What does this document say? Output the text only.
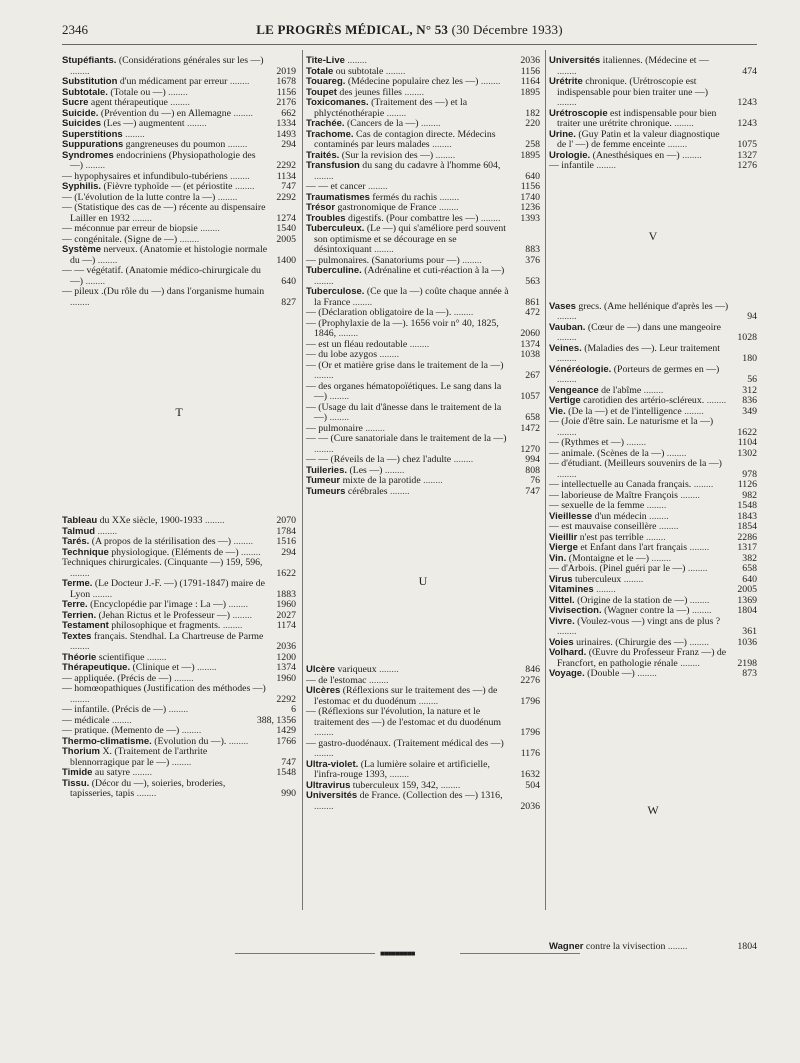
2346	LE PROGRÈS MÉDICAL, N° 53 (30 Décembre 1933)
Stupéfiants. (Considérations générales sur les —) ........	2019
Substitution d'un médicament par erreur ........	1678
Subtotale. (Totale ou —) ........	1156
Sucre agent thérapeutique ........	2176
Suicide. (Prévention du —) en Allemagne ........	662
Suicides (Les —) augmentent ........	1334
Superstitions ........	1493
Suppurations gangreneuses du poumon ........	294
Syndromes endocriniens (Physiopathologie des —) ........	2292
— hypophysaires et infundibulo-tubériens ........	1134
Syphilis. (Fièvre typhoïde — (et périostite ........	747
— (L'évolution de la lutte contre la —) ........	2292
— (Statistique des cas de —) récente au dispensaire Lailler en 1932 ........	1274
— méconnue par erreur de biopsie ........	1540
— congénitale. (Signe de —) ........	2005
Système nerveux. (Anatomie et histologie normale du —) ........	1400
— — végétatif. (Anatomie médico-chirurgicale du —) ........	640
— pileux .(Du rôle du —) dans l'organisme humain ........	827
T
Tableau du XXe siècle, 1900-1933 ........	2070
Talmud ........	1784
Tarés. (A propos de la stérilisation des —) ........ 1516
Technique physiologique. (Eléments de —) ........ 294
Techniques chirurgicales. (Cinquante —) 159, 596, ........	1622
Terme. (Le Docteur J.-F. —) (1791-1847) maire de Lyon ........	1883
Terre. (Encyclopédie par l'image : La —) ........	1960
Terrien. (Jehan Rictus et le Professeur —) ........ 2027
Testament philosophique et fragments. ........	1174
Textes français. Stendhal. La Chartreuse de Parme ........	2036
Théorie scientifique ........	1200
Thérapeutique. (Clinique et —) ........	1374
— appliquée. (Précis de —) ........	1960
— homœopathiques (Justification des méthodes —) ........	2292
— infantile. (Précis de —) ........	6
— médicale ........	388, 1356
— pratique. (Memento de —) ........	1429
Thermo-climatisme. (Evolution du —). ........	1766
Thorium X. (Traitement de l'arthrite blennorragique par le —) ........	747
Timide au satyre ........	1548
Tissu. (Décor du —), soieries, broderies, tapisseries, tapis ........	990
Tite-Live ........	2036
Totale ou subtotale ........	1156
Touareg. (Médecine populaire chez les —) ........ 1164
Toupet des jeunes filles ........	1895
Toxicomanes. (Traitement des —) et la phlycténothérapie ........	182
Trachée. (Cancers de la —) ........	220
Trachome. Cas de contagion directe. Médecins contaminés par leurs malades ........	258
Traités. (Sur la revision des —) ........	1895
Transfusion du sang du cadavre à l'homme 604, ........	640
— — et cancer ........	1156
Traumatismes fermés du rachis ........	1740
Trésor gastronomique de France ........	1236
Troubles digestifs. (Pour combattre les —) ........ 1393
Tuberculeux. (Le —) qui s'améliore perd souvent son optimisme et se décourage en se désintoxiquant ........	883
— pulmonaires. (Sanatoriums pour —) ........	376
Tuberculine. (Adrénaline et cuti-réaction à la —) ........	563
Tuberculose. (Ce que la —) coûte chaque année à la France ........	861
— (Déclaration obligatoire de la —). ........	472
— (Prophylaxie de la —). 1656 voir n° 40, 1825, 1846, ........	2060
— est un fléau redoutable ........	1374
— du lobe azygos ........	1038
— (Or et matière grise dans le traitement de la —) ........	267
— des organes hématopoïétiques. Le sang dans la —) ........	1057
— (Usage du lait d'ânesse dans le traitement de la —) ........	658
— pulmonaire ........	1472
— — (Cure sanatoriale dans le traitement de la —) ........	1270
— — (Réveils de la —) chez l'adulte ........	994
Tuileries. (Les —) ........	808
Tumeur mixte de la parotide ........	76
Tumeurs cérébrales ........	747
U
Ulcère variqueux ........	846
— de l'estomac ........	2276
Ulcères (Réflexions sur le traitement des —) de l'estomac et du duodénum ........	1796
— (Réflexions sur l'évolution, la nature et le traitement des —) de l'estomac et du duodénum ........	1796
— gastro-duodénaux. (Traitement médical des —) ........	1176
Ultra-violet. (La lumière solaire et artificielle, l'infra-rouge 1393, ........	1632
Ultravirus tuberculeux 159, 342, ........	504
Universités de France. (Collection des —) 1316, ........	2036
Universités italiennes. (Médecine et — ........	474
Urétrite chronique. (Urétroscopie est indispensable pour bien traiter une —) ........	1243
Urétroscopie est indispensable pour bien traiter une urétrite chronique. ........	1243
Urine. (Guy Patin et la valeur diagnostique de l' —) de femme enceinte ........	1075
Urologie. (Anesthésiques en —) ........	1327
— infantile ........	1276
V
Vases grecs. (Ame hellénique d'après les —) ........	94
Vauban. (Cœur de —) dans une mangeoire ........	1028
Veines. (Maladies des —). Leur traitement ........	180
Vénéréologie. (Porteurs de germes en —) ........	56
Vengeance de l'abîme ........	312
Vertige carotidien des artério-scléreux. ........ 836
Vie. (De la —) et de l'intelligence ........	349
— (Joie d'être sain. Le naturisme et la —) ........	1622
— (Rythmes et —) ........	1104
— animale. (Scènes de la —) ........	1302
— d'étudiant. (Meilleurs souvenirs de la —) ........	978
— intellectuelle au Canada français. ........ 1126
— laborieuse de Maître François ........	982
— sexuelle de la femme ........	1548
Vieillesse d'un médecin ........	1843
— est mauvaise conseillère ........	1854
Vieillir n'est pas terrible ........	2286
Vierge et Enfant dans l'art français ........	1317
Vin. (Montaigne et le —) ........	382
— d'Arbois. (Pinel guéri par le —) ........	658
Virus tuberculeux ........	640
Vitamines ........	2005
Vittel. (Origine de la station de —) ........	1369
Vivisection. (Wagner contre la —) ........	1804
Vivre. (Voulez-vous —) vingt ans de plus ? ........	361
Voies urinaires. (Chirurgie des —) ........	1036
Volhard. (Œuvre du Professeur Franz —) de Francfort, en pathologie rénale ........	2198
Voyage. (Double —) ........	873
W
Wagner contre la vivisection ........	1804
■■■■■■■■■
